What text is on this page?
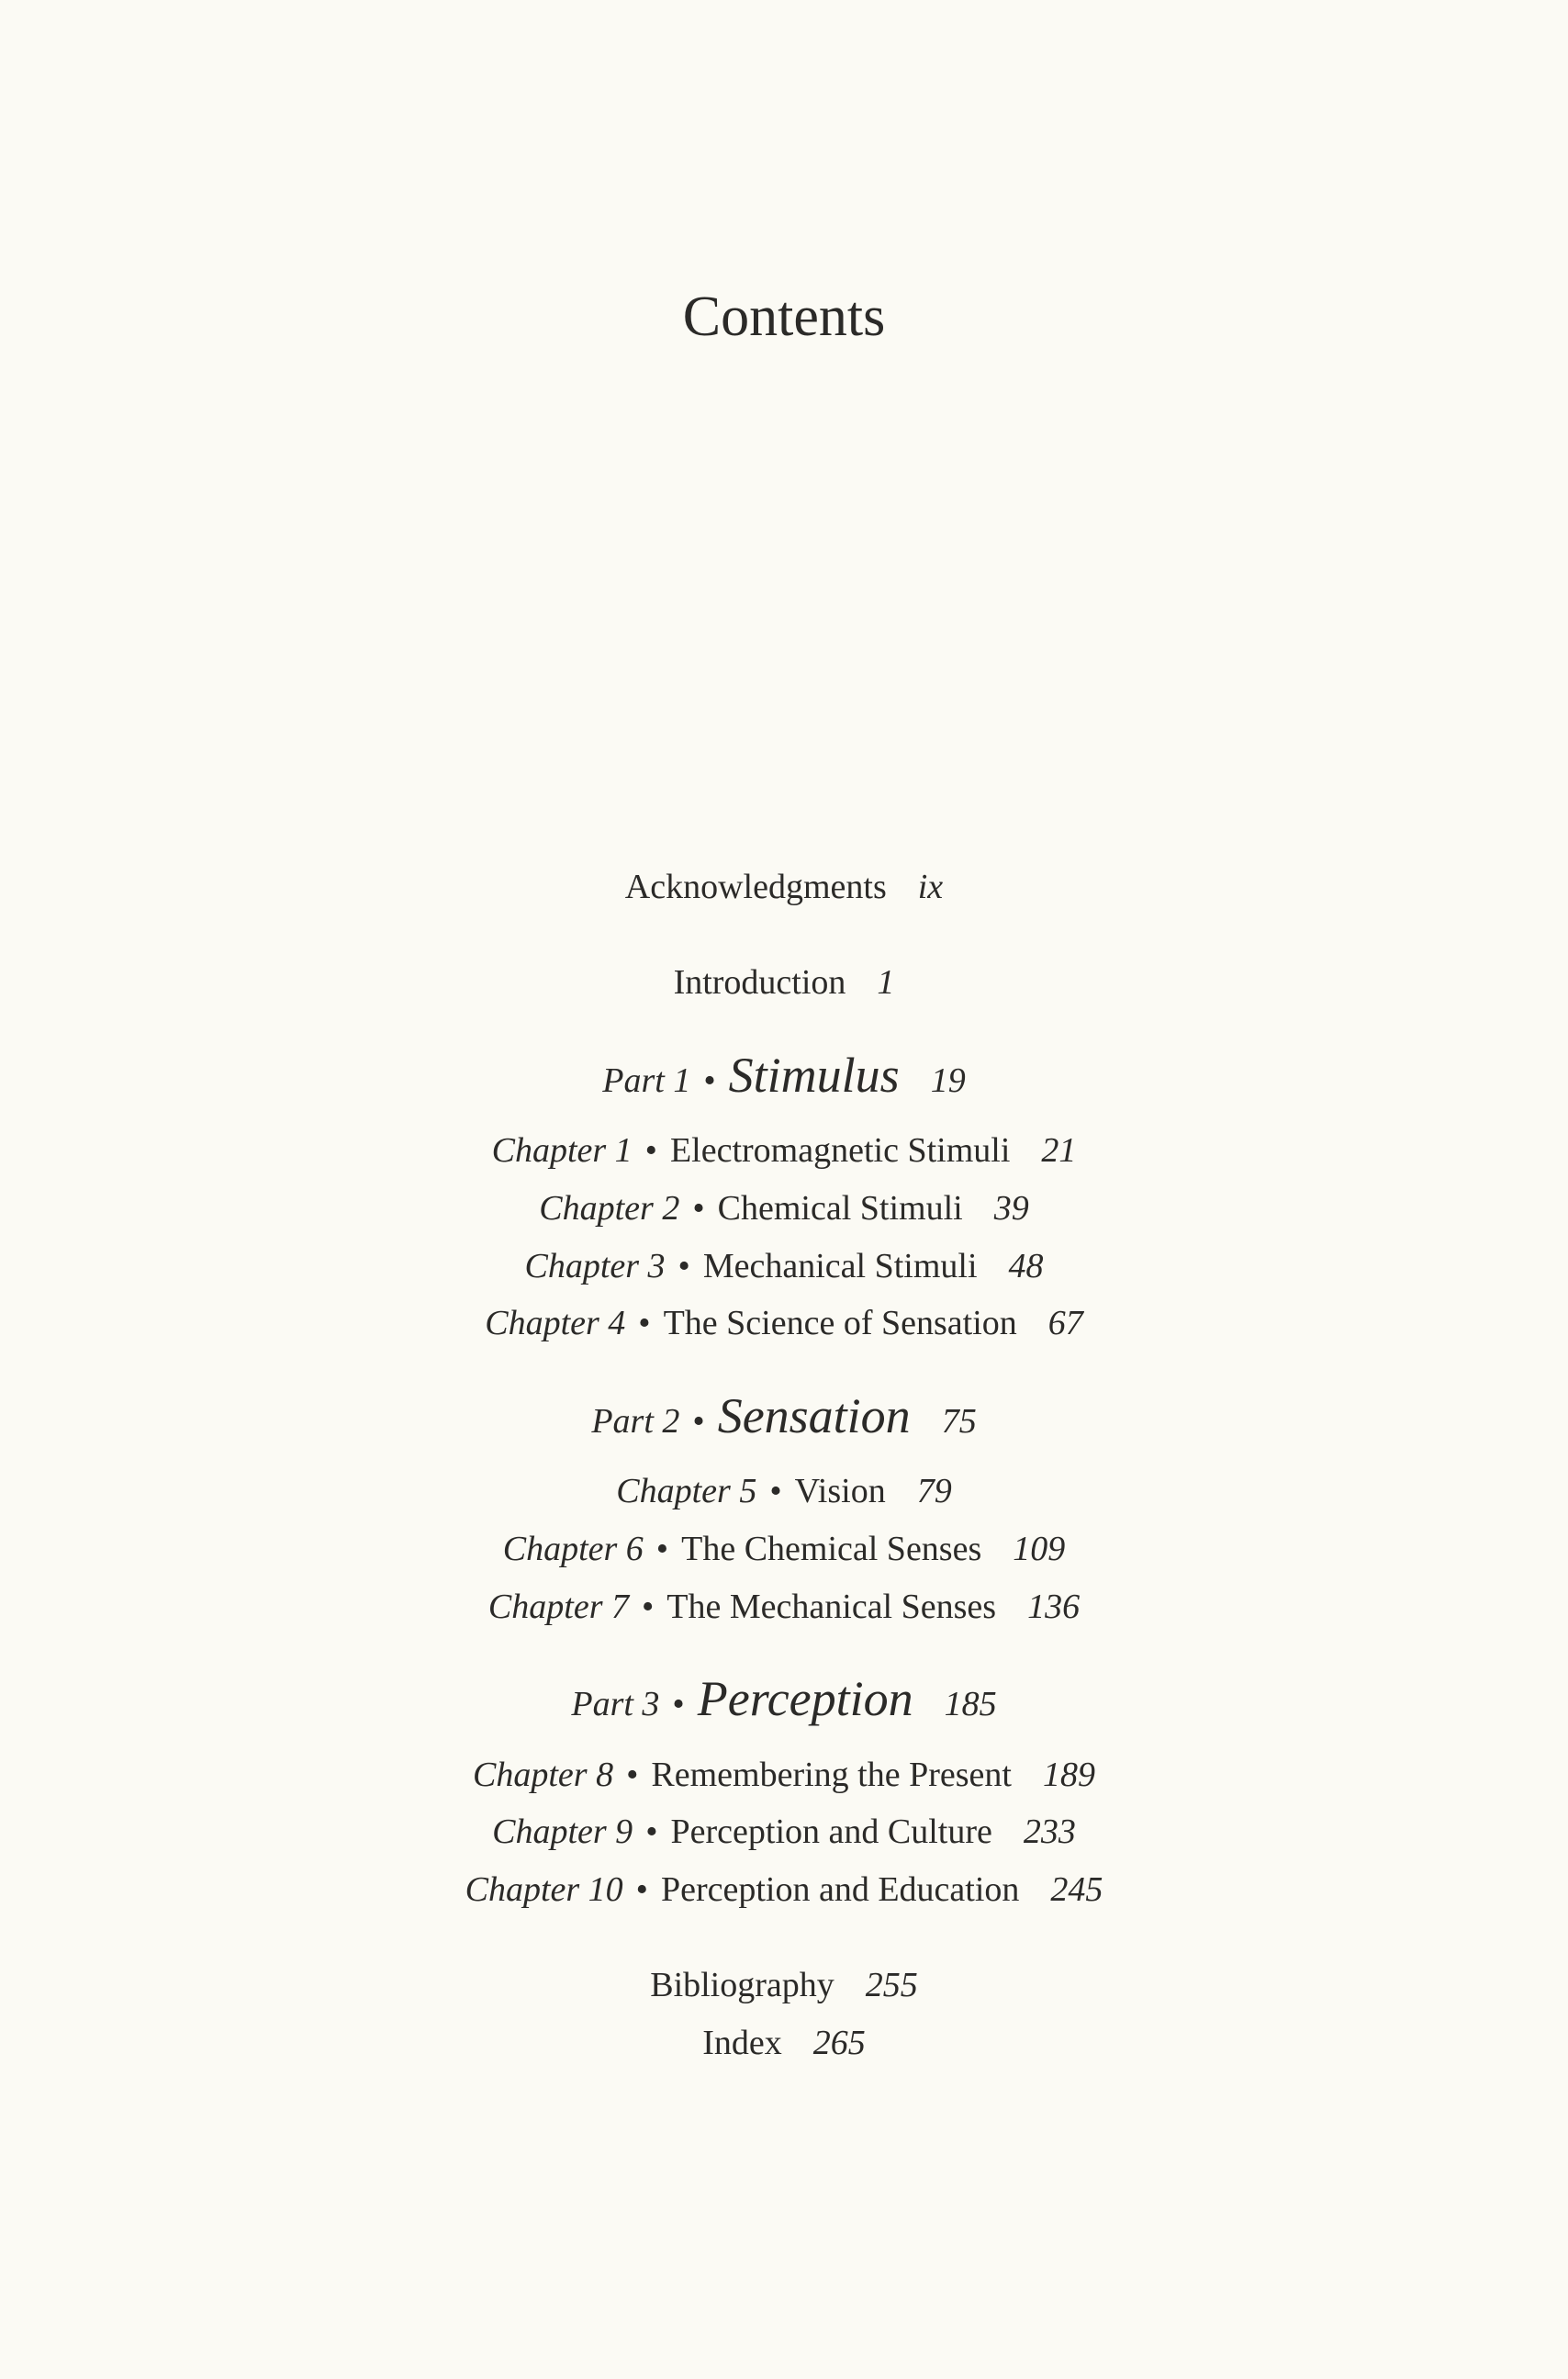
Contents
Acknowledgments ix
Introduction 1
Part 1 • Stimulus 19
Chapter 1 • Electromagnetic Stimuli 21
Chapter 2 • Chemical Stimuli 39
Chapter 3 • Mechanical Stimuli 48
Chapter 4 • The Science of Sensation 67
Part 2 • Sensation 75
Chapter 5 • Vision 79
Chapter 6 • The Chemical Senses 109
Chapter 7 • The Mechanical Senses 136
Part 3 • Perception 185
Chapter 8 • Remembering the Present 189
Chapter 9 • Perception and Culture 233
Chapter 10 • Perception and Education 245
Bibliography 255
Index 265
